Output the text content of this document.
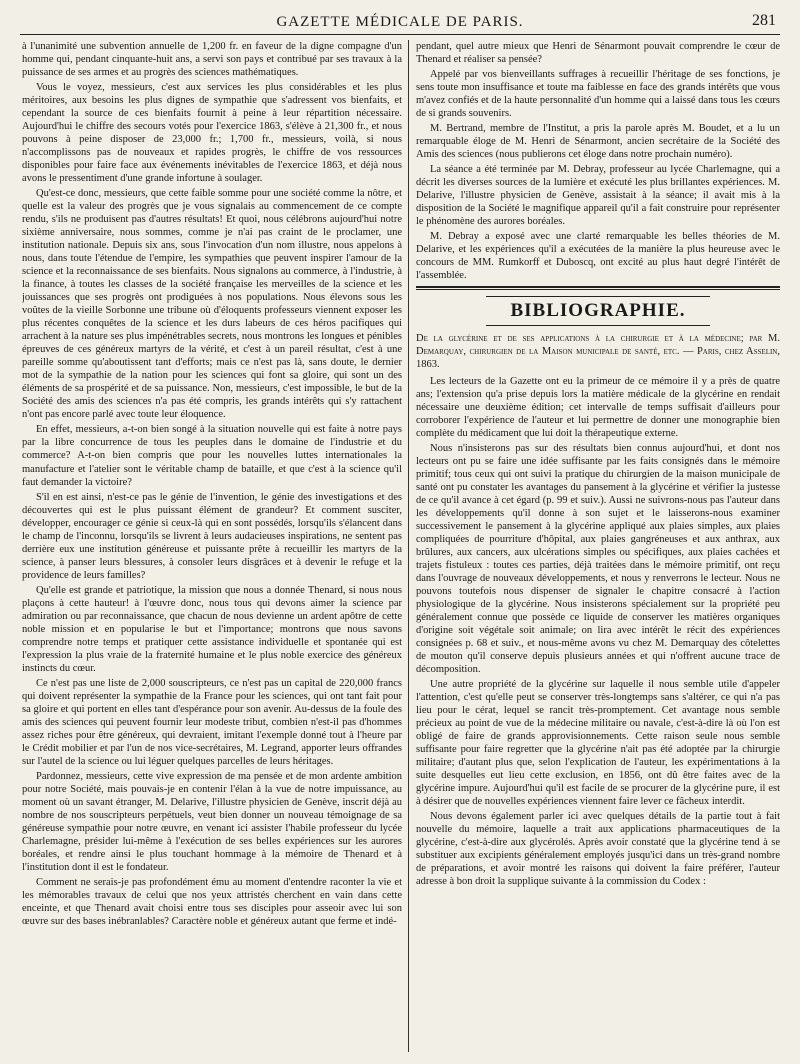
GAZETTE MÉDICALE DE PARIS.	281

à l'unanimité une subvention annuelle de 1,200 fr. en faveur de la digne compagne d'un homme qui, pendant cinquante-huit ans, a servi son pays et contribué par ses travaux à la puissance de ses armes et au progrès des sciences mathématiques.

Vous le voyez, messieurs, c'est aux services les plus considérables et les plus méritoires, aux besoins les plus dignes de sympathie que s'adressent vos bienfaits, et cependant la source de ces bienfaits fournit à peine à leur répartition nécessaire. Aujourd'hui le chiffre des secours votés pour l'exercice 1863, s'élève à 21,300 fr., et nous pouvons à peine disposer de 23,000 fr.; 1,700 fr., messieurs, voilà, si nous n'accomplissons pas de nouveaux et rapides progrès, le chiffre de vos ressources disponibles pour faire face aux événements inévitables de l'exercice 1863, et déjà nous avons le pressentiment d'une grande infortune à soulager.

Qu'est-ce donc, messieurs, que cette faible somme pour une société comme la nôtre, et quelle est la valeur des progrès que je vous signalais au commencement de ce compte rendu, s'ils ne produisent pas d'autres résultats! Et quoi, nous célébrons aujourd'hui notre sixième anniversaire, nous sommes, comme je n'ai pas craint de le proclamer, une institution nationale. Depuis six ans, sous l'invocation d'un nom illustre, nous appelons à nous, dans toute l'étendue de l'empire, les sympathies que peuvent inspirer l'amour de la science et la reconnaissance de ses bienfaits. Nous signalons au commerce, à l'industrie, à la finance, à toutes les classes de la société française les merveilles de la science et les jouissances que ses progrès ont prodiguées à nos populations. Nous élevons sous les voûtes de la vieille Sorbonne une tribune où d'éloquents professeurs viennent exposer les plus récentes conquêtes de la science et les durs labeurs de ces héros pacifiques qui arrachent à la nature ses plus impénétrables secrets, nous montrons les longues et pénibles épreuves de ces généreux martyrs de la vérité, et c'est à un pareil résultat, c'est à une pareille somme qu'aboutissent tant d'efforts; mais ce n'est pas là, sans doute, le dernier mot de la sympathie de la nation pour les sciences qui font sa gloire, qui sont un des éléments de sa prospérité et de sa puissance. Non, messieurs, c'est impossible, le but de la Société des amis des sciences n'a pas été compris, les grands intérêts qui s'y rattachent n'ont pas encore parlé avec toute leur éloquence.

En effet, messieurs, a-t-on bien songé à la situation nouvelle qui est faite à notre pays par la libre concurrence de tous les peuples dans le domaine de l'industrie et du commerce? A-t-on bien compris que pour les nouvelles luttes internationales la manufacture et l'atelier sont le véritable champ de bataille, et que c'est à la science qu'il faut demander la victoire?

S'il en est ainsi, n'est-ce pas le génie de l'invention, le génie des investigations et des découvertes qui est le plus puissant élément de grandeur? Et comment susciter, développer, encourager ce génie si ceux-là qui en sont possédés, lorsqu'ils s'élancent dans le champ de l'inconnu, lorsqu'ils se livrent à leurs audacieuses inspirations, ne sentent pas derrière eux une institution généreuse et puissante prête à recueillir les martyrs de la science, à panser leurs blessures, à consoler leurs disgrâces et à devenir le refuge et la providence de leurs familles?

Qu'elle est grande et patriotique, la mission que nous a donnée Thenard, si nous nous plaçons à cette hauteur! à l'œuvre donc, nous tous qui devons aimer la science par admiration ou par reconnaissance, que chacun de nous devienne un ardent apôtre de cette noble mission et en popularise le but et l'importance; montrons que nous savons comprendre notre temps et pratiquer cette assistance individuelle et spontanée qui est l'expression la plus vraie de la fraternité humaine et le plus noble exercice des généreux instincts du cœur.

Ce n'est pas une liste de 2,000 souscripteurs, ce n'est pas un capital de 220,000 francs qui doivent représenter la sympathie de la France pour les sciences, qui ont tant fait pour sa gloire et qui portent en elles tant d'espérance pour son avenir. Au-dessus de la foule des amis des sciences qui peuvent fournir leur modeste tribut, combien n'est-il pas d'hommes assez riches pour être généreux, qui devraient, imitant l'exemple donné tout à l'heure par le Crédit mobilier et par l'un de nos vice-secrétaires, M. Legrand, apporter leurs offrandes sur l'autel de la science ou lui léguer quelques parcelles de leurs héritages.

Pardonnez, messieurs, cette vive expression de ma pensée et de mon ardente ambition pour notre Société, mais pouvais-je en contenir l'élan à la vue de notre impuissance, au moment où un savant étranger, M. Delarive, l'illustre physicien de Genève, inscrit déjà au nombre de nos souscripteurs perpétuels, veut bien donner un nouveau témoignage de sa généreuse sympathie pour notre œuvre, en venant ici assister l'habile professeur du lycée Charlemagne, présider lui-même à l'exécution de ses belles expériences sur les aurores boréales, et rendre ainsi le plus touchant hommage à la mémoire de Thenard et à l'institution dont il est le fondateur.

Comment ne serais-je pas profondément ému au moment d'entendre raconter la vie et les mémorables travaux de celui que nos yeux attristés cherchent en vain dans cette enceinte, et que Thenard avait choisi entre tous ses disciples pour asseoir avec lui son œuvre sur des bases inébranlables? Caractère noble et généreux autant que ferme et indé-

pendant, quel autre mieux que Henri de Sénarmont pouvait comprendre le cœur de Thenard et réaliser sa pensée?

Appelé par vos bienveillants suffrages à recueillir l'héritage de ses fonctions, je sens toute mon insuffisance et toute ma faiblesse en face des grands intérêts que vous m'avez confiés et de la haute personnalité d'un homme qui a laissé dans tous les cœurs de si grands souvenirs.

M. Bertrand, membre de l'Institut, a pris la parole après M. Boudet, et a lu un remarquable éloge de M. Henri de Sénarmont, ancien secrétaire de la Société des Amis des sciences (nous publierons cet éloge dans notre prochain numéro).

La séance a été terminée par M. Debray, professeur au lycée Charlemagne, qui a décrit les diverses sources de la lumière et exécuté les plus brillantes expériences. M. Delarive, l'illustre physicien de Genève, assistait à la séance; il avait mis à la disposition de la Société le magnifique appareil qu'il a fait construire pour représenter le phénomène des aurores boréales.

M. Debray a exposé avec une clarté remarquable les belles théories de M. Delarive, et les expériences qu'il a exécutées de la manière la plus heureuse avec le concours de MM. Rumkorff et Duboscq, ont excité au plus haut degré l'intérêt de l'assemblée.

BIBLIOGRAPHIE.

De la glycérine et de ses applications à la chirurgie et à la médecine; par M. Demarquay, chirurgien de la Maison municipale de santé, etc. — Paris, chez Asselin, 1863.

Les lecteurs de la Gazette ont eu la primeur de ce mémoire il y a près de quatre ans; l'extension qu'a prise depuis lors la matière médicale de la glycérine en rendait nécessaire une deuxième édition; cet intervalle de temps suffisait d'ailleurs pour corroborer l'expérience de l'auteur et lui permettre de donner une monographie bien complète du médicament que lui doit la thérapeutique externe.

Nous n'insisterons pas sur des résultats bien connus aujourd'hui, et dont nos lecteurs ont pu se faire une idée suffisante par les faits consignés dans le mémoire primitif; tous ceux qui ont suivi la pratique du chirurgien de la maison municipale de santé ont pu constater les avantages du pansement à la glycérine et vérifier la justesse de ce qu'il avance à cet égard (p. 99 et suiv.). Aussi ne suivrons-nous pas l'auteur dans les développements qu'il donne à son sujet et le laisserons-nous examiner successivement le pansement à la glycérine appliqué aux plaies simples, aux plaies compliquées de pourriture d'hôpital, aux plaies gangréneuses et aux anthrax, aux brûlures, aux cancers, aux ulcérations simples ou spécifiques, aux plaies cachées et trajets fistuleux : toutes ces parties, déjà traitées dans le mémoire primitif, ont reçu dans l'ouvrage de nouveaux développements, et nous y renverrons le lecteur. Nous ne pouvons toutefois nous dispenser de signaler le chapitre consacré à l'action physiologique de la glycérine. Nous insisterons spécialement sur la propriété peu généralement connue que possède ce liquide de conserver les matières organiques d'origine soit végétale soit animale; on lira avec intérêt le récit des expériences consignées p. 68 et suiv., et nous-même avons vu chez M. Demarquay des côtelettes de mouton qu'il conserve depuis plusieurs années et qui n'offrent aucune trace de décomposition.

Une autre propriété de la glycérine sur laquelle il nous semble utile d'appeler l'attention, c'est qu'elle peut se conserver très-longtemps sans s'altérer, ce qui n'a pas lieu pour le cérat, lequel se rancit très-promptement. Cet avantage nous semble précieux au point de vue de la médecine militaire ou navale, c'est-à-dire là où l'on est obligé de faire de grands approvisionnements. Cette raison seule nous semble suffisante pour faire regretter que la glycérine n'ait pas été adoptée par la chirurgie militaire; d'autant plus que, selon l'explication de l'auteur, les expérimentations à la suite desquelles eut lieu cette exclusion, en 1856, ont dû être faites avec de la glycérine impure. Aujourd'hui qu'il est facile de se procurer de la glycérine pure, il est à désirer que de nouvelles expériences viennent faire lever ce fâcheux interdit.

Nous devons également parler ici avec quelques détails de la partie tout à fait nouvelle du mémoire, laquelle a trait aux applications pharmaceutiques de la glycérine, c'est-à-dire aux glycérolés. Après avoir constaté que la glycérine tend à se substituer aux excipients généralement employés jusqu'ici dans un très-grand nombre de préparations, et avoir montré les raisons qui doivent la faire préférer, l'auteur adresse à bon droit la supplique suivante à la commission du Codex :
